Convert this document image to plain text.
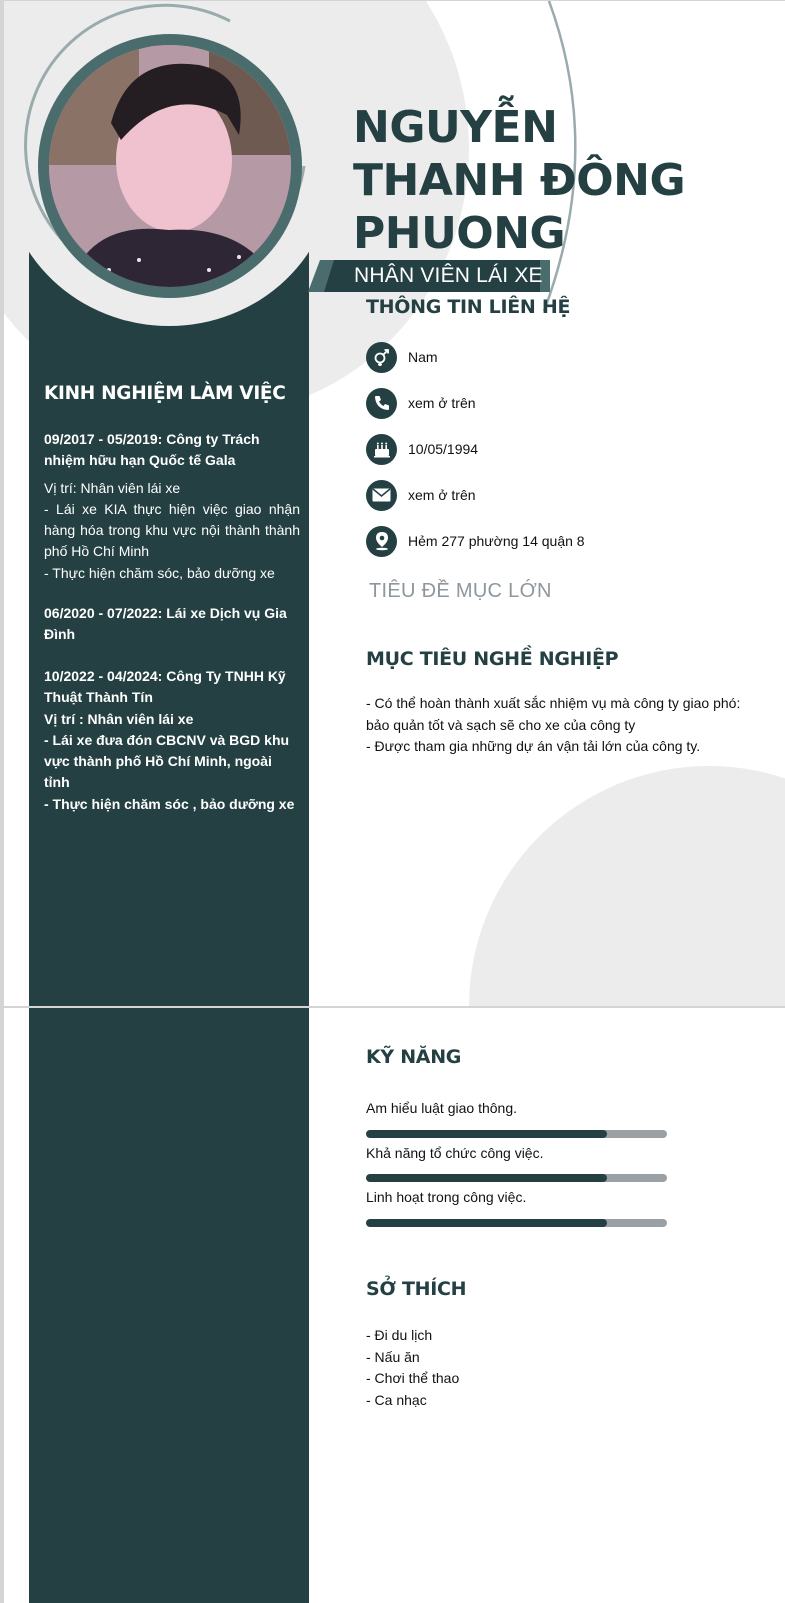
NGUYỄN
THANH ĐÔNG
PHUONG
NHÂN VIÊN LÁI XE
THÔNG TIN LIÊN HỆ
Nam
xem ở trên
10/05/1994
xem ở trên
Hẻm 277 phường 14 quận 8
TIÊU ĐỀ MỤC LỚN
MỤC TIÊU NGHỀ NGHIỆP

- Có thể hoàn thành xuất sắc nhiệm vụ mà công ty giao phó:
bảo quản tốt và sạch sẽ cho xe của công ty
- Được tham gia những dự án vận tải lớn của công ty.

KINH NGHIỆM LÀM VIỆC
09/2017 - 05/2019: Công ty Trách nhiệm hữu hạn Quốc tế Gala
Vị trí: Nhân viên lái xe
- Lái xe KIA thực hiện việc giao nhận hàng hóa trong khu vực nội thành thành phố Hồ Chí Minh
- Thực hiện chăm sóc, bảo dưỡng xe
06/2020 - 07/2022: Lái xe Dịch vụ Gia Đình
10/2022 - 04/2024: Công Ty TNHH Kỹ Thuật Thành Tín
Vị trí : Nhân viên lái xe
- Lái xe đưa đón CBCNV và BGD khu vực thành phố Hồ Chí Minh, ngoài tỉnh
- Thực hiện chăm sóc , bảo dưỡng xe
KỸ NĂNG
Am hiểu luật giao thông.
Khả năng tổ chức công việc.
Linh hoạt trong công việc.
SỞ THÍCH
- Đi du lịch
- Nấu ăn
- Chơi thể thao
- Ca nhạc
